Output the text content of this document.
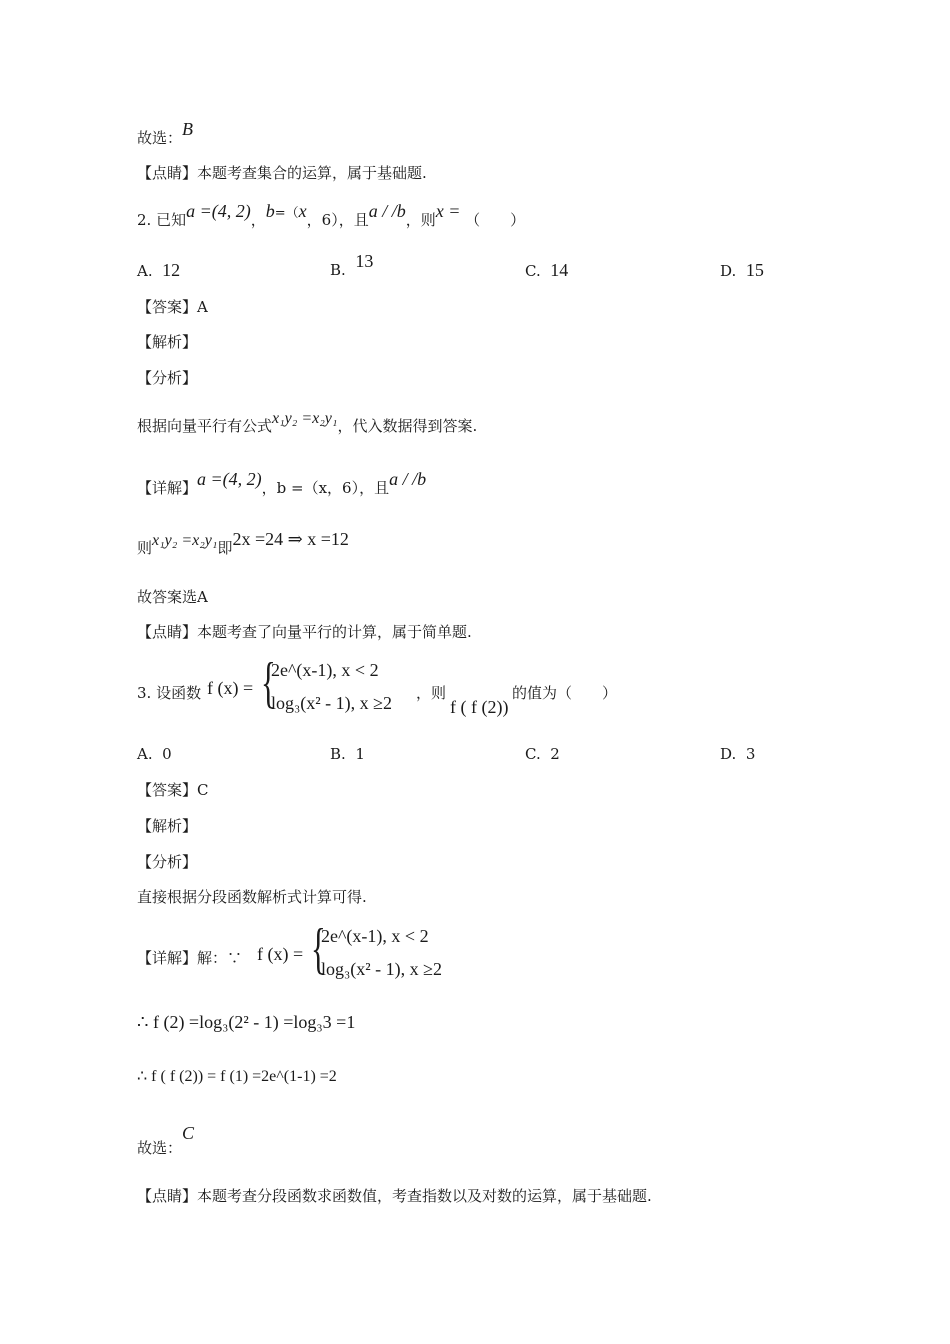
故选：B
【点睛】本题考查集合的运算，属于基础题.
2. 已知a =(4, 2)，b=（x，6），且a / /b，则x = （　　）
A. 12	B. 13	C. 14	D. 15
【答案】A
【解析】
【分析】
根据向量平行有公式x₁y₂ =x₂y₁，代入数据得到答案.
【详解】a =(4, 2)，b =（x，6），且a / /b
则x₁y₂ =x₂y₁即2x =24 ⇒ x =12
故答案选A
【点睛】本题考查了向量平行的计算，属于简单题.
3. 设函数 f (x) = {
2e^(x-1), x < 2
log₃(x² - 1), x ≥2 ，则
f ( f (2))
的值为（　　）
A. 0	B. 1	C. 2	D. 3
【答案】C
【解析】
【分析】
直接根据分段函数解析式计算可得.
【详解】解：∵ f (x) = {
2e^(x-1), x < 2
log₃(x² - 1), x ≥2
∴ f (2) =log₃(2² - 1) =log₃3 =1
∴ f ( f (2)) = f (1) =2e^(1-1) =2
故选：C
【点睛】本题考查分段函数求函数值，考查指数以及对数的运算，属于基础题.
